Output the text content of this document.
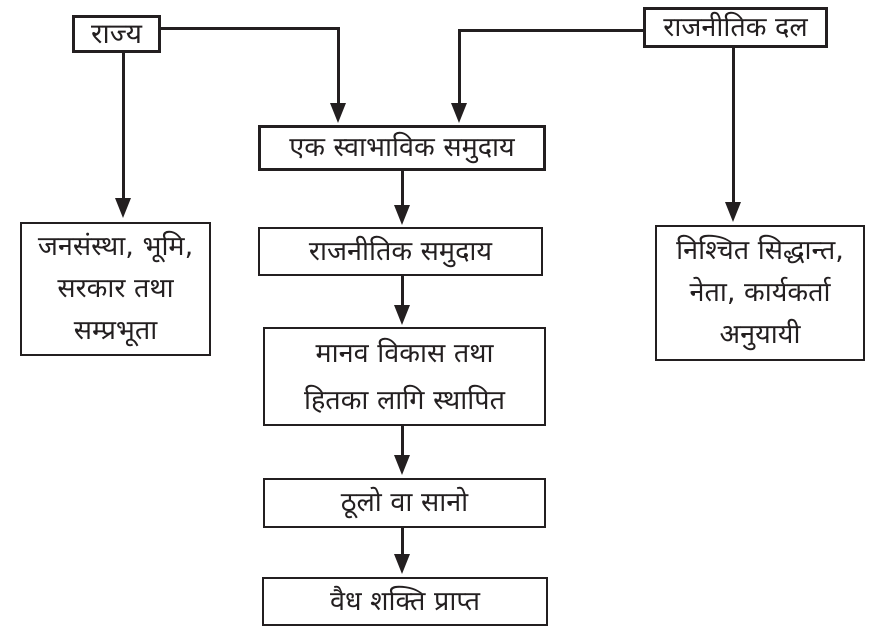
राज्य	राजनीतिक दल
एक स्वाभाविक समुदाय
जनसंस्था, भूमि,
सरकार तथा
सम्प्रभूता
राजनीतिक समुदाय	निश्चित सिद्धान्त,
नेता, कार्यकर्ता
अनुयायी
मानव विकास तथा
हितका लागि स्थापित
ठूलो वा सानो
वैध शक्ति प्राप्त
